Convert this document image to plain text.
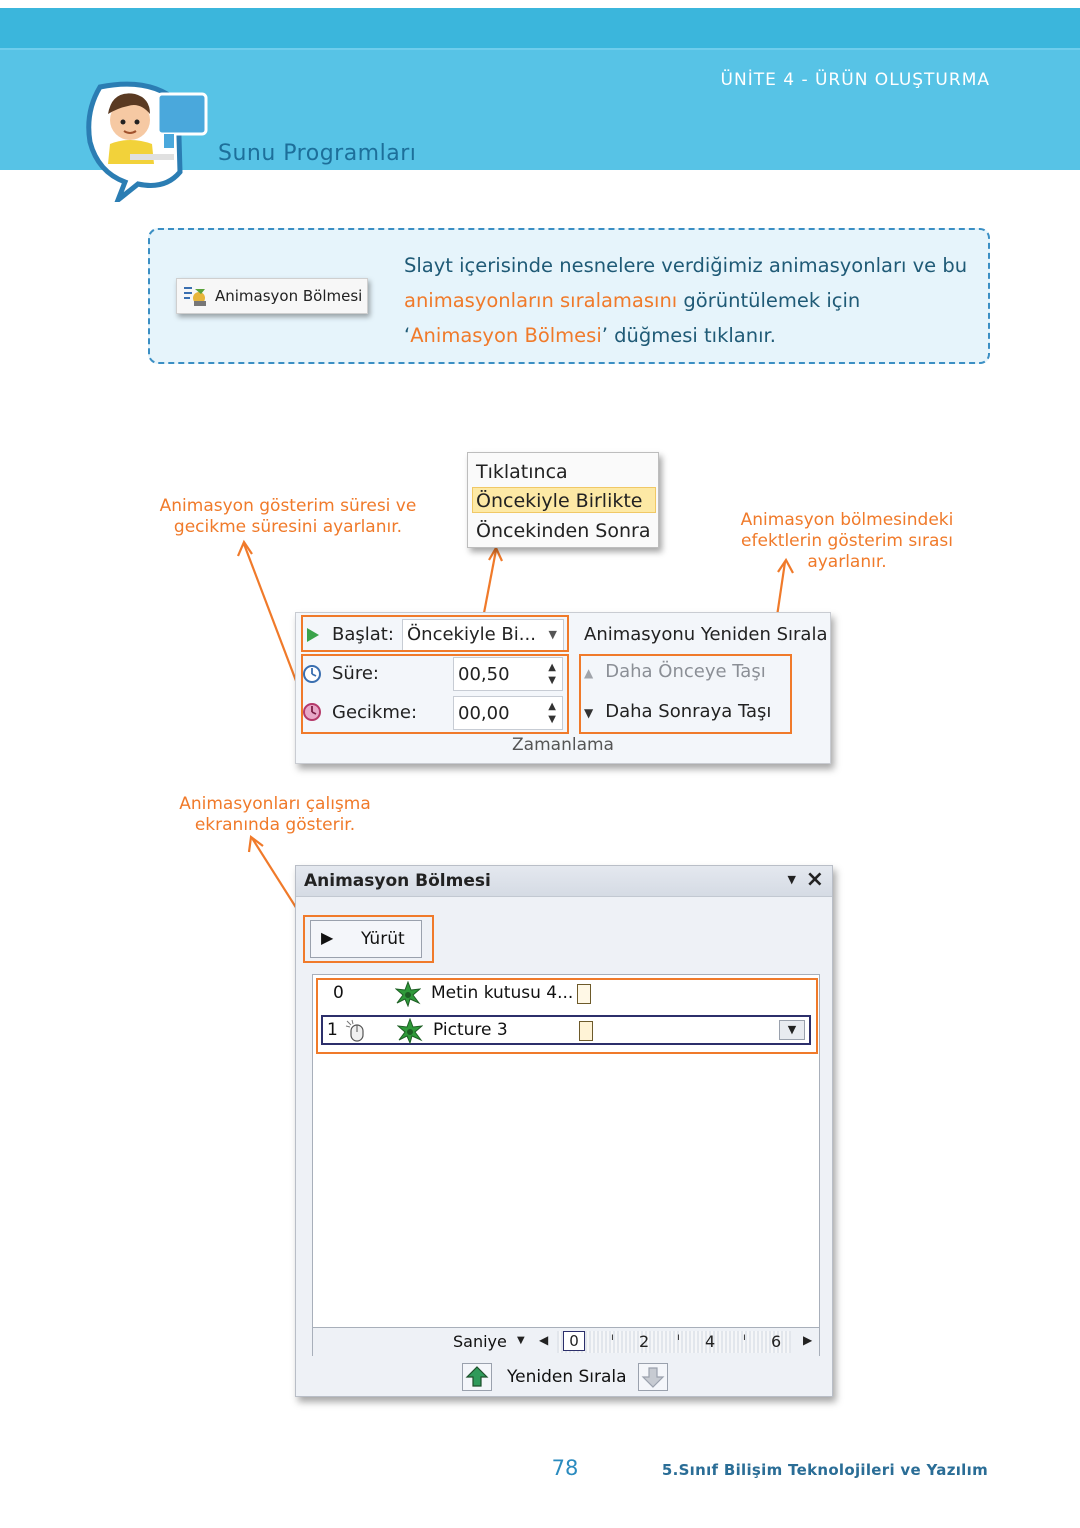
ÜNİTE 4 - ÜRÜN OLUŞTURMA
Sunu Programları
Animasyon Bölmesi
Slayt içerisinde nesnelere verdiğimiz animasyonları ve bu animasyonların sıralamasını görüntülemek için ‘Animasyon Bölmesi’ düğmesi tıklanır.
Animasyon gösterim süresi ve
gecikme süresini ayarlanır.	Animasyon bölmesindeki
efektlerin gösterim sırası
ayarlanır.
Animasyonları çalışma
ekranında gösterir.
Tıklatınca
Öncekiyle Birlikte
Öncekinden Sonra
Başlat: Öncekiyle Bi... ▼
Süre:	00,50	▲
▼
Gecikme: 00,00	▲
▼
Animasyonu Yeniden Sırala
▲ Daha Önceye Taşı
▼ Daha Sonraya Taşı
Zamanlama
Animasyon Bölmesi	▼ ×
▶ Yürüt
0	Metin kutusu 4...
1	Picture 3	▼
Saniye ▼ ◀	0	ı 2	ı 4	ı 6 ▶
Yeniden Sırala
78	5.Sınıf Bilişim Teknolojileri ve Yazılım
